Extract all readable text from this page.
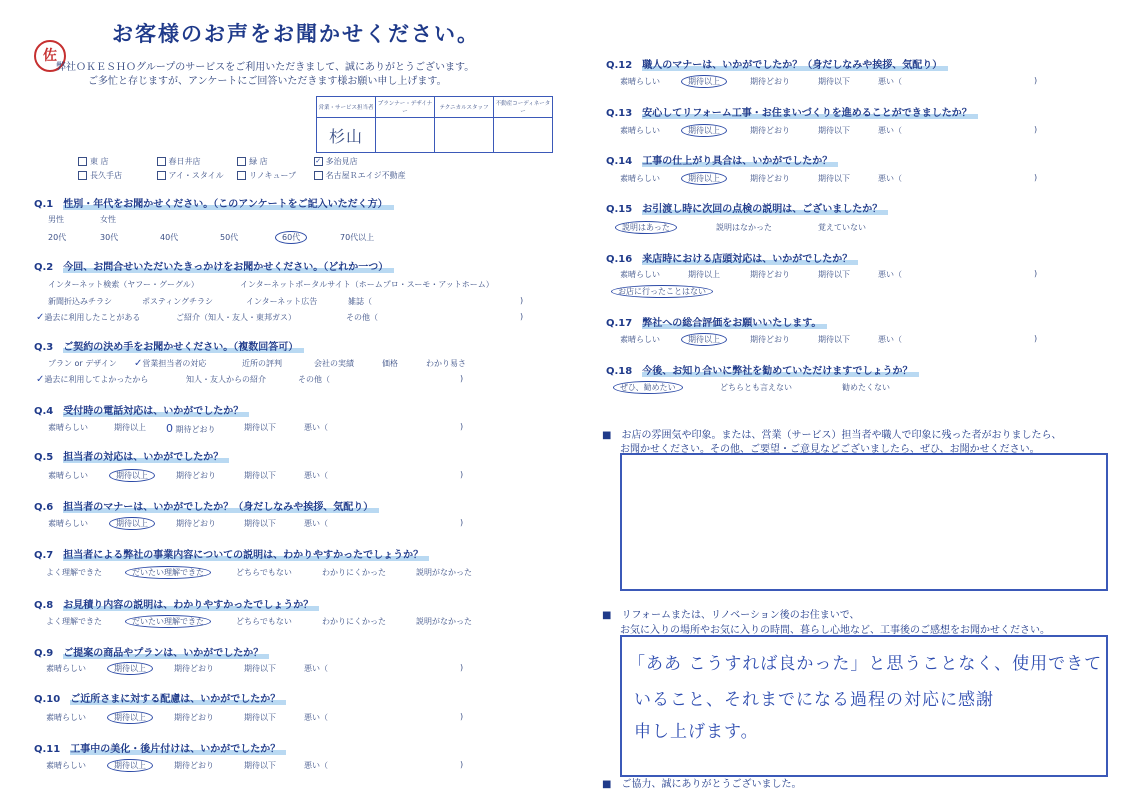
佐
お客様のお声をお聞かせください。
弊社ＯＫＥＳＨＯグループのサービスをご利用いただきまして、誠にありがとうございます。
ご多忙と存じますが、アンケートにご回答いただきます様お願い申し上げます。
営業・サービス担当者	プランナー・デザイナー	テクニカルスタッフ	不動産コーディネーター
杉山			
東 店	春日井店	緑 店	✓ 多治見店
長久手店	アイ・スタイル	リノキューブ	名古屋Ｒエイジ不動産
Q.1　 性別・年代をお聞かせください。（このアンケートをご記入いただく方）
男性	女性
20代	30代	40代	50代	60代	70代以上
Q.2　 今回、お問合せいただいたきっかけをお聞かせください。（どれか一つ）
インターネット検索（ヤフー・グーグル）	インターネットポータルサイト（ホームプロ・スーモ・アットホーム）
新聞折込みチラシ	ポスティングチラシ	インターネット広告	雑誌（	)
✓過去に利用したことがある	ご紹介（知人・友人・東邦ガス）	その他（	)
Q.3　 ご契約の決め手をお聞かせください。（複数回答可）
プラン or デザイン ✓営業担当者の対応	近所の評判	会社の実績	価格	わかり易さ
✓過去に利用してよかったから	知人・友人からの紹介	その他（	)
Q.4　 受付時の電話対応は、いかがでしたか？
素晴らしい	期待以上 0 期待どおり	期待以下	悪い（	)
Q.5　 担当者の対応は、いかがでしたか？
素晴らしい	期待以上	期待どおり	期待以下	悪い（	)
Q.6　 担当者のマナーは、いかがでしたか？（身だしなみや挨拶、気配り）
素晴らしい	期待以上	期待どおり	期待以下	悪い（	)
Q.7　 担当者による弊社の事業内容についての説明は、わかりやすかったでしょうか？
よく理解できた	だいたい理解できた	どちらでもない	わかりにくかった	説明がなかった
Q.8　 お見積り内容の説明は、わかりやすかったでしょうか？
よく理解できた	だいたい理解できた	どちらでもない	わかりにくかった	説明がなかった
Q.9　 ご提案の商品やプランは、いかがでしたか？
素晴らしい	期待以上	期待どおり	期待以下	悪い（	)
Q.10　 ご近所さまに対する配慮は、いかがでしたか？
素晴らしい	期待以上	期待どおり	期待以下	悪い（	)
Q.11　 工事中の美化・後片付けは、いかがでしたか？
素晴らしい	期待以上	期待どおり	期待以下	悪い（	)
Q.12　 職人のマナーは、いかがでしたか？（身だしなみや挨拶、気配り）
素晴らしい	期待以上	期待どおり	期待以下	悪い（	)
Q.13　 安心してリフォーム工事・お住まいづくりを進めることができましたか？
素晴らしい	期待以上	期待どおり	期待以下	悪い（	)
Q.14　 工事の仕上がり具合は、いかがでしたか？
素晴らしい	期待以上	期待どおり	期待以下	悪い（	)
Q.15　 お引渡し時に次回の点検の説明は、ございましたか？
説明はあった	説明はなかった	覚えていない
Q.16　 来店時における店頭対応は、いかがでしたか？
素晴らしい	期待以上	期待どおり	期待以下	悪い（	)
お店に行ったことはない
Q.17　 弊社への総合評価をお願いいたします。
素晴らしい	期待以上	期待どおり	期待以下	悪い（	)
Q.18　 今後、お知り合いに弊社を勧めていただけますでしょうか？
ぜひ、勧めたい	どちらとも言えない	勧めたくない
■　お店の雰囲気や印象。または、営業（サービス）担当者や職人で印象に残った者がおりましたら、
お聞かせください。その他、ご要望・ご意見などございましたら、ぜひ、お聞かせください。
■　リフォームまたは、リノベーション後のお住まいで、
お気に入りの場所やお気に入りの時間、暮らし心地など、工事後のご感想をお聞かせください。
「ああ こうすれば良かった」と思うことなく、使用できて
いること、それまでになる過程の対応に感謝
申し上げます。
■　ご協力、誠にありがとうございました。
